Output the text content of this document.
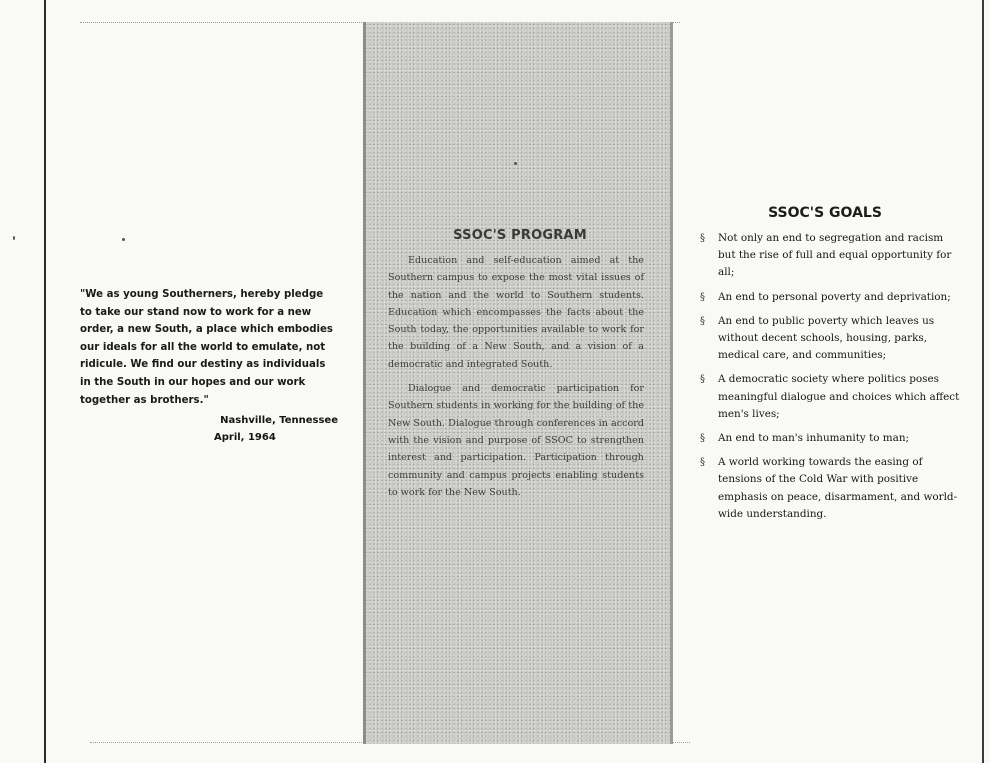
"We as young Southerners, hereby pledge
to take our stand now to work for a new
order, a new South, a place which embodies
our ideals for all the world to emulate, not
ridicule. We find our destiny as individuals
in the South in our hopes and our work
together as brothers."
Nashville, Tennessee
April, 1964
SSOC'S PROGRAM

Education and self-education aimed at the Southern campus to expose the most vital issues of the nation and the world to Southern students. Education which encompasses the facts about the South today, the opportunities available to work for the building of a New South, and a vision of a democratic and integrated South.

Dialogue and democratic participation for Southern students in working for the building of the New South. Dialogue through conferences in accord with the vision and purpose of SSOC to strengthen interest and participation. Participation through community and campus projects enabling students to work for the New South.

SSOC'S GOALS
§ Not only an end to segregation and racism but the rise of full and equal opportunity for all;
§ An end to personal poverty and deprivation;
§ An end to public poverty which leaves us without decent schools, housing, parks, medical care, and communities;
§ A democratic society where politics poses meaningful dialogue and choices which affect men's lives;
§ An end to man's inhumanity to man;
§ A world working towards the easing of tensions of the Cold War with positive emphasis on peace, disarmament, and world-wide understanding.
